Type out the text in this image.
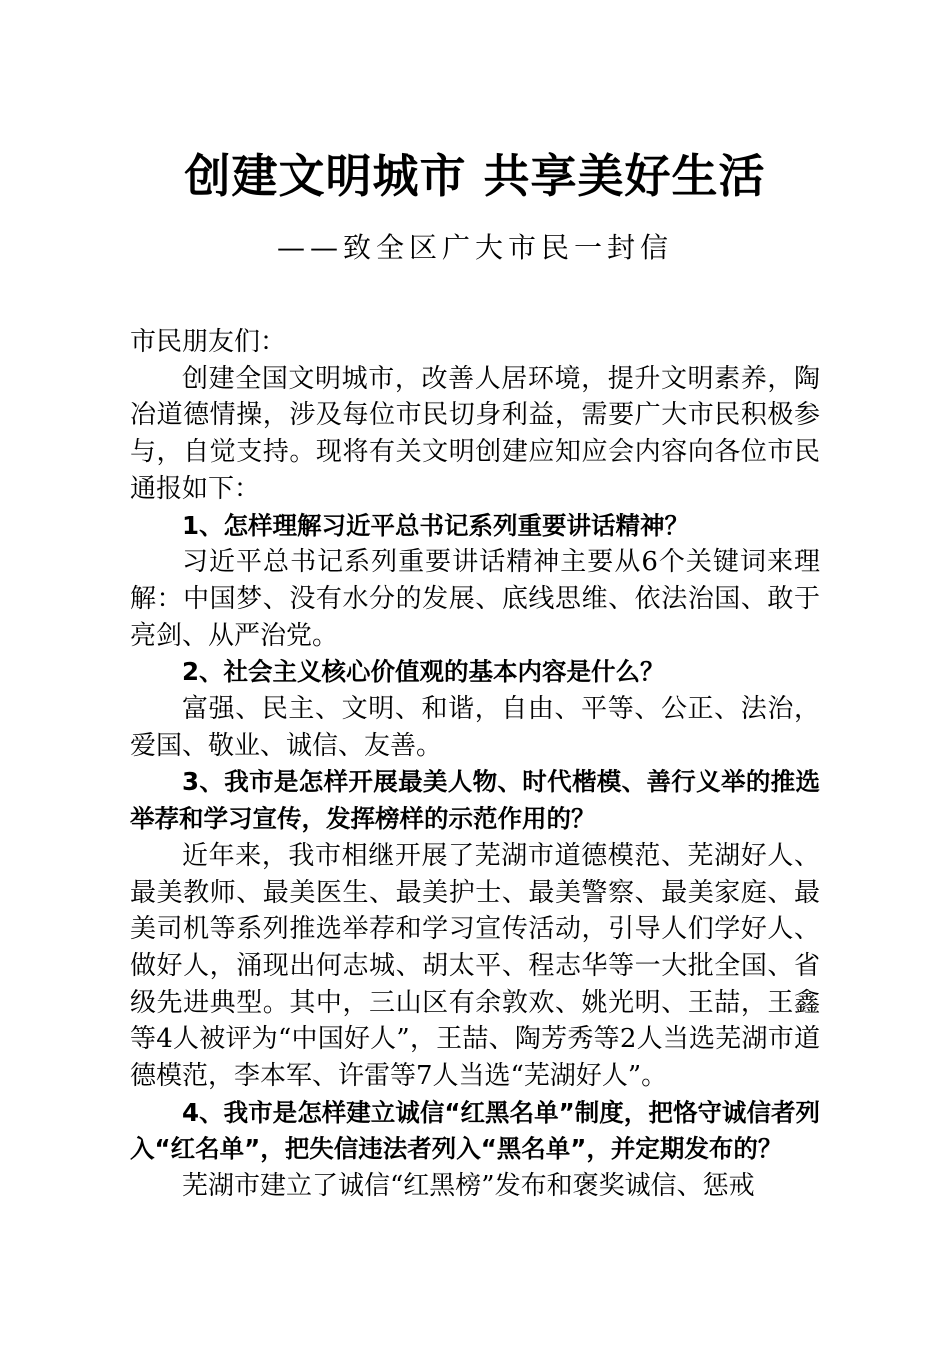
创建文明城市 共享美好生活
——致全区广大市民一封信

市民朋友们：

创建全国文明城市，改善人居环境，提升文明素养，陶冶道德情操，涉及每位市民切身利益，需要广大市民积极参与，自觉支持。现将有关文明创建应知应会内容向各位市民通报如下：

1、怎样理解习近平总书记系列重要讲话精神？

习近平总书记系列重要讲话精神主要从6个关键词来理解：中国梦、没有水分的发展、底线思维、依法治国、敢于亮剑、从严治党。

2、社会主义核心价值观的基本内容是什么？

富强、民主、文明、和谐，自由、平等、公正、法治，爱国、敬业、诚信、友善。

3、我市是怎样开展最美人物、时代楷模、善行义举的推选举荐和学习宣传，发挥榜样的示范作用的？

近年来，我市相继开展了芜湖市道德模范、芜湖好人、最美教师、最美医生、最美护士、最美警察、最美家庭、最美司机等系列推选举荐和学习宣传活动，引导人们学好人、做好人，涌现出何志城、胡太平、程志华等一大批全国、省级先进典型。其中，三山区有余敦欢、姚光明、王喆，王鑫等4人被评为“中国好人”，王喆、陶芳秀等2人当选芜湖市道德模范，李本军、许雷等7人当选“芜湖好人”。

4、我市是怎样建立诚信“红黑名单”制度，把恪守诚信者列入“红名单”，把失信违法者列入“黑名单”，并定期发布的？

芜湖市建立了诚信“红黑榜”发布和褒奖诚信、惩戒
